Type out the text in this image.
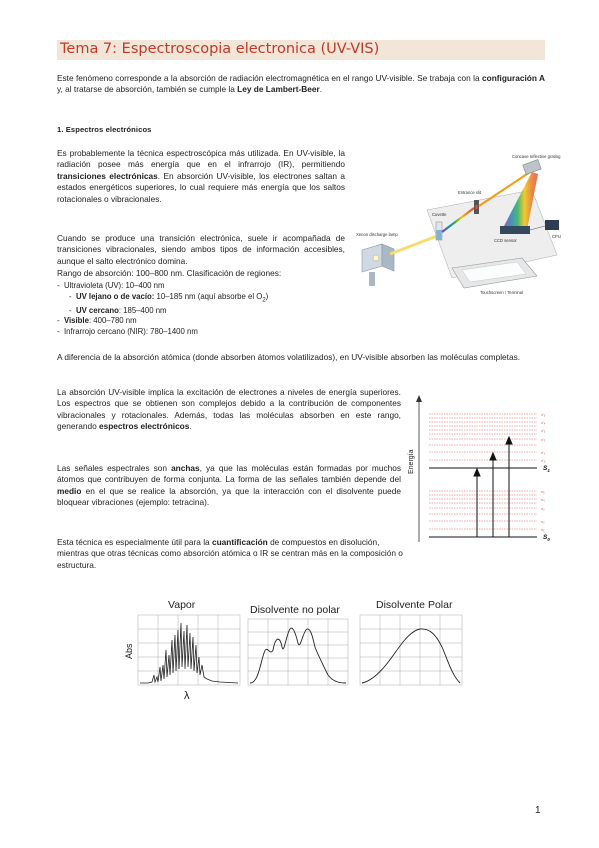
Tema 7: Espectroscopia electronica (UV-VIS)
Este fenómeno corresponde a la absorción de radiación electromagnética en el rango UV-visible. Se trabaja con la configuración A y, al tratarse de absorción, también se cumple la Ley de Lambert-Beer.
1. Espectros electrónicos
Es probablemente la técnica espectroscópica más utilizada. En UV-visible, la radiación posee más energía que en el infrarrojo (IR), permitiendo transiciones electrónicas. En absorción UV-visible, los electrones saltan a estados energéticos superiores, lo cual requiere más energía que los saltos rotacionales o vibracionales.
Cuando se produce una transición electrónica, suele ir acompañada de transiciones vibracionales, siendo ambos tipos de información accesibles, aunque el salto electrónico domina.
Rango de absorción: 100–800 nm. Clasificación de regiones:
-  Ultravioleta (UV): 10–400 nm
-  UV lejano o de vacío: 10–185 nm (aquí absorbe el $O_2$)
-  UV cercano: 185–400 nm
-  Visible: 400–780 nm
-  Infrarrojo cercano (NIR): 780–1400 nm
A diferencia de la absorción atómica (donde absorben átomos volatilizados), en UV-visible absorben las moléculas completas.
La absorción UV-visible implica la excitación de electrones a niveles de energía superiores. Los espectros que se obtienen son complejos debido a la contribución de componentes vibracionales y rotacionales. Además, todas las moléculas absorben en este rango, generando espectros electrónicos.
Las señales espectrales son anchas, ya que las moléculas están formadas por muchos átomos que contribuyen de forma conjunta. La forma de las señales también depende del medio en el que se realice la absorción, ya que la interacción con el disolvente puede bloquear vibraciones (ejemplo: tetracina).
Esta técnica es especialmente útil para la cuantificación de compuestos en disolución, mientras que otras técnicas como absorción atómica o IR se centran más en la composición o estructura.
Concave reflective grating
Entrance slit
Cuvette
Xenon discharge lamp
CCD sensor
CPU
Touchscreen / Terminal
Energía	$S_1$
$S_0$
v'₅
v'₄
v'₃
v'₂
v'₁
v'₀
v₅
v₄
v₃
v₂
v₁
Vapor	Disolvente no polar	Disolvente Polar
Abs
λ
1
